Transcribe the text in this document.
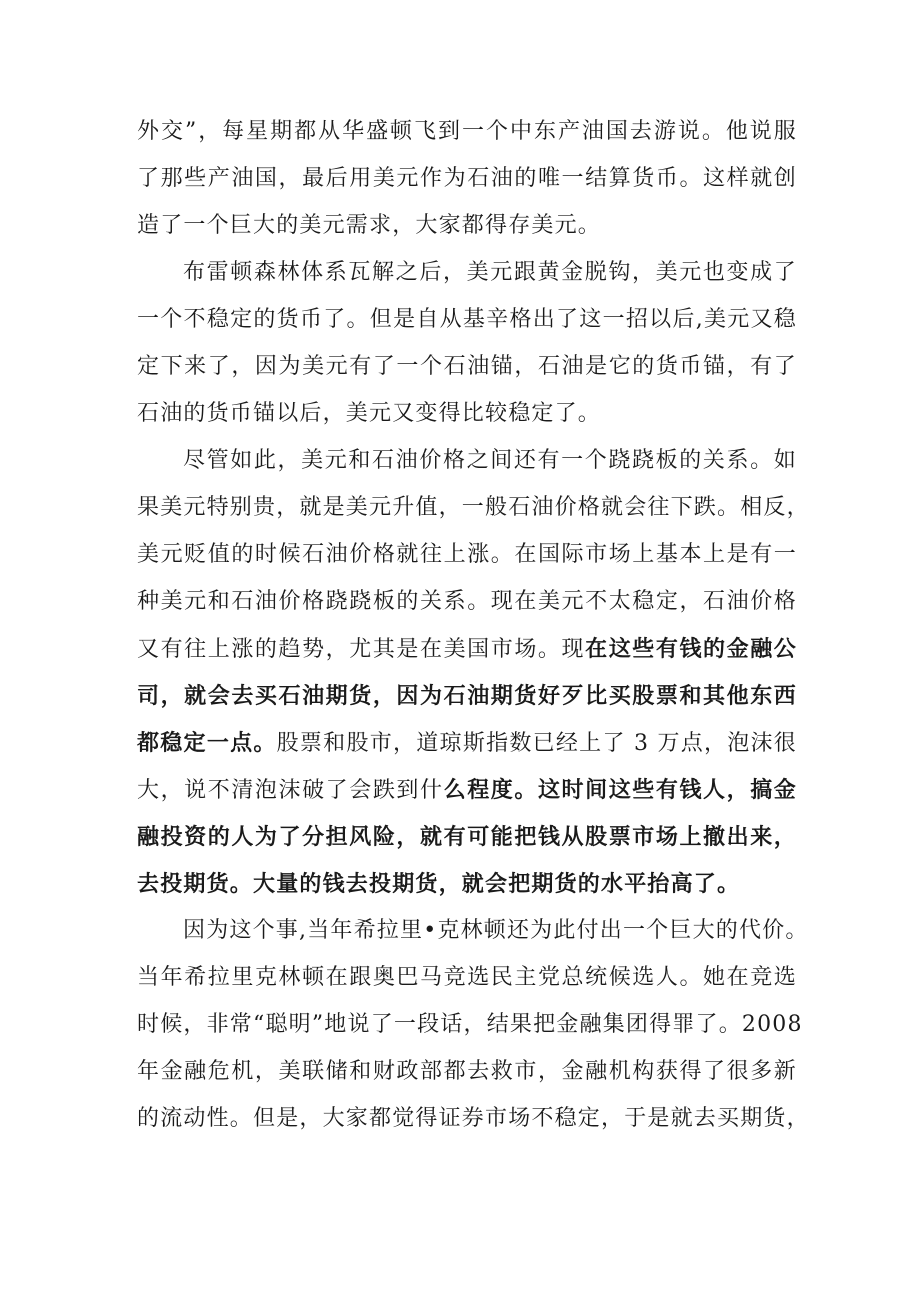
外交”，每星期都从华盛顿飞到一个中东产油国去游说。他说服
了那些产油国，最后用美元作为石油的唯一结算货币。这样就创
造了一个巨大的美元需求，大家都得存美元。
布雷顿森林体系瓦解之后，美元跟黄金脱钩，美元也变成了
一个不稳定的货币了。但是自从基辛格出了这一招以后,美元又稳
定下来了，因为美元有了一个石油锚，石油是它的货币锚，有了
石油的货币锚以后，美元又变得比较稳定了。
尽管如此，美元和石油价格之间还有一个跷跷板的关系。如
果美元特别贵，就是美元升值，一般石油价格就会往下跌。相反，
美元贬值的时候石油价格就往上涨。在国际市场上基本上是有一
种美元和石油价格跷跷板的关系。现在美元不太稳定，石油价格
又有往上涨的趋势，尤其是在美国市场。现在这些有钱的金融公
司，就会去买石油期货，因为石油期货好歹比买股票和其他东西
都稳定一点。股票和股市，道琼斯指数已经上了 3 万点，泡沫很
大，说不清泡沫破了会跌到什么程度。这时间这些有钱人，搞金
融投资的人为了分担风险，就有可能把钱从股票市场上撤出来，
去投期货。大量的钱去投期货，就会把期货的水平抬高了。
因为这个事,当年希拉里•克林顿还为此付出一个巨大的代价。
当年希拉里克林顿在跟奥巴马竞选民主党总统候选人。她在竞选
时候，非常“聪明”地说了一段话，结果把金融集团得罪了。2008
年金融危机，美联储和财政部都去救市，金融机构获得了很多新
的流动性。但是，大家都觉得证券市场不稳定，于是就去买期货，
